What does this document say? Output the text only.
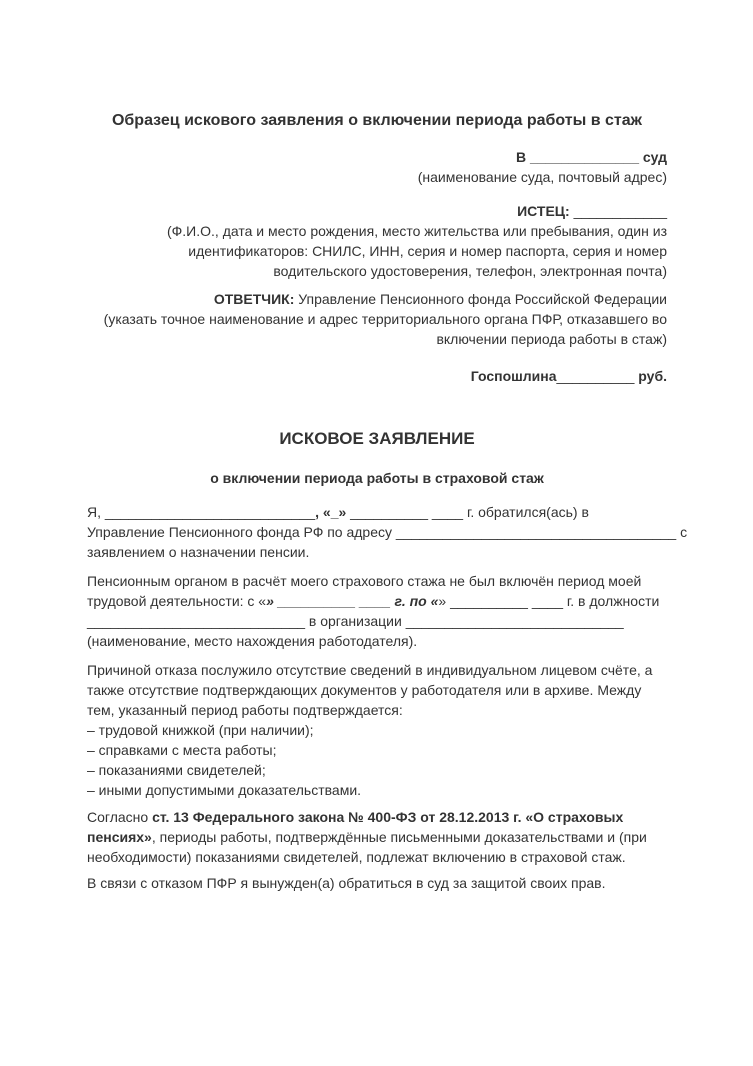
Образец искового заявления о включении периода работы в стаж
В ______________ суд
(наименование суда, почтовый адрес)
ИСТЕЦ: ____________
(Ф.И.О., дата и место рождения, место жительства или пребывания, один из
идентификаторов: СНИЛС, ИНН, серия и номер паспорта, серия и номер
водительского удостоверения, телефон, электронная почта)
ОТВЕТЧИК: Управление Пенсионного фонда Российской Федерации
(указать точное наименование и адрес территориального органа ПФР, отказавшего во
включении периода работы в стаж)
Госпошлина__________ руб.
ИСКОВОЕ ЗАЯВЛЕНИЕ
о включении периода работы в страховой стаж
Я, ___________________________, «_» __________ ____ г. обратился(ась) в
Управление Пенсионного фонда РФ по адресу ____________________________________ с
заявлением о назначении пенсии.
Пенсионным органом в расчёт моего страхового стажа не был включён период моей
трудовой деятельности: с «» __________ ____ г. по «» __________ ____ г. в должности
____________________________ в организации ____________________________
(наименование, место нахождения работодателя).
Причиной отказа послужило отсутствие сведений в индивидуальном лицевом счёте, а
также отсутствие подтверждающих документов у работодателя или в архиве. Между
тем, указанный период работы подтверждается:
– трудовой книжкой (при наличии);
– справками с места работы;
– показаниями свидетелей;
– иными допустимыми доказательствами.
Согласно ст. 13 Федерального закона № 400-ФЗ от 28.12.2013 г. «О страховых
пенсиях», периоды работы, подтверждённые письменными доказательствами и (при
необходимости) показаниями свидетелей, подлежат включению в страховой стаж.
В связи с отказом ПФР я вынужден(а) обратиться в суд за защитой своих прав.
